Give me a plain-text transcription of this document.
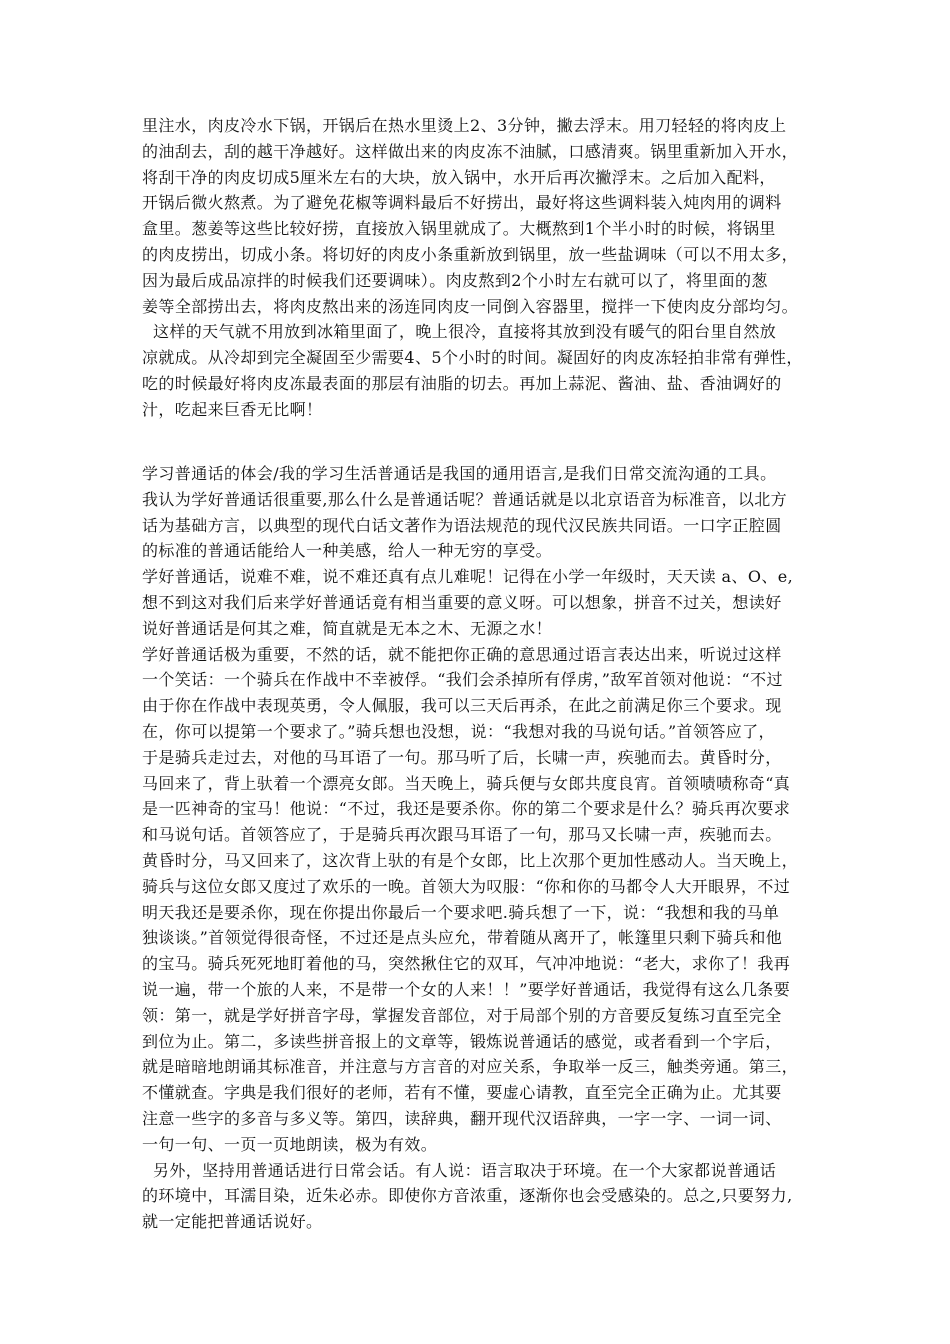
里注水，肉皮冷水下锅，开锅后在热水里烫上2、3分钟，撇去浮末。用刀轻轻的将肉皮上

的油刮去，刮的越干净越好。这样做出来的肉皮冻不油腻，口感清爽。锅里重新加入开水，

将刮干净的肉皮切成5厘米左右的大块，放入锅中，水开后再次撇浮末。之后加入配料，

开锅后微火熬煮。为了避免花椒等调料最后不好捞出，最好将这些调料装入炖肉用的调料

盒里。葱姜等这些比较好捞，直接放入锅里就成了。大概熬到1个半小时的时候，将锅里

的肉皮捞出，切成小条。将切好的肉皮小条重新放到锅里，放一些盐调味（可以不用太多，

因为最后成品凉拌的时候我们还要调味）。肉皮熬到2个小时左右就可以了，将里面的葱

姜等全部捞出去，将肉皮熬出来的汤连同肉皮一同倒入容器里，搅拌一下使肉皮分部均匀。

这样的天气就不用放到冰箱里面了，晚上很冷，直接将其放到没有暖气的阳台里自然放

凉就成。从冷却到完全凝固至少需要4、5个小时的时间。凝固好的肉皮冻轻拍非常有弹性，

吃的时候最好将肉皮冻最表面的那层有油脂的切去。再加上蒜泥、酱油、盐、香油调好的

汁，吃起来巨香无比啊！

学习普通话的体会/我的学习生活普通话是我国的通用语言,是我们日常交流沟通的工具。

我认为学好普通话很重要,那么什么是普通话呢？普通话就是以北京语音为标准音，以北方

话为基础方言，以典型的现代白话文著作为语法规范的现代汉民族共同语。一口字正腔圆

的标准的普通话能给人一种美感，给人一种无穷的享受。

学好普通话，说难不难，说不难还真有点儿难呢！记得在小学一年级时，天天读 a、O、e,

想不到这对我们后来学好普通话竟有相当重要的意义呀。可以想象，拼音不过关，想读好

说好普通话是何其之难，简直就是无本之木、无源之水！

学好普通话极为重要，不然的话，就不能把你正确的意思通过语言表达出来，听说过这样

一个笑话：一个骑兵在作战中不幸被俘。“我们会杀掉所有俘虏，”敌军首领对他说：“不过

由于你在作战中表现英勇，令人佩服，我可以三天后再杀，在此之前满足你三个要求。现

在，你可以提第一个要求了。”骑兵想也没想，说：“我想对我的马说句话。”首领答应了，

于是骑兵走过去，对他的马耳语了一句。那马听了后，长啸一声，疾驰而去。黄昏时分，

马回来了，背上驮着一个漂亮女郎。当天晚上，骑兵便与女郎共度良宵。首领啧啧称奇“真

是一匹神奇的宝马！他说：“不过，我还是要杀你。你的第二个要求是什么？骑兵再次要求

和马说句话。首领答应了，于是骑兵再次跟马耳语了一句，那马又长啸一声，疾驰而去。

黄昏时分，马又回来了，这次背上驮的有是个女郎，比上次那个更加性感动人。当天晚上，

骑兵与这位女郎又度过了欢乐的一晚。首领大为叹服：“你和你的马都令人大开眼界，不过

明天我还是要杀你，现在你提出你最后一个要求吧.骑兵想了一下，说：“我想和我的马单

独谈谈。”首领觉得很奇怪，不过还是点头应允，带着随从离开了，帐篷里只剩下骑兵和他

的宝马。骑兵死死地盯着他的马，突然揪住它的双耳，气冲冲地说：“老大，求你了！我再

说一遍，带一个旅的人来，不是带一个女的人来！！”要学好普通话，我觉得有这么几条要

领：第一，就是学好拼音字母，掌握发音部位，对于局部个别的方音要反复练习直至完全

到位为止。第二，多读些拼音报上的文章等，锻炼说普通话的感觉，或者看到一个字后，

就是暗暗地朗诵其标准音，并注意与方言音的对应关系，争取举一反三，触类旁通。第三，

不懂就查。字典是我们很好的老师，若有不懂，要虚心请教，直至完全正确为止。尤其要

注意一些字的多音与多义等。第四，读辞典，翻开现代汉语辞典，一字一字、一词一词、

一句一句、一页一页地朗读，极为有效。

另外，坚持用普通话进行日常会话。有人说：语言取决于环境。在一个大家都说普通话

的环境中，耳濡目染，近朱必赤。即使你方音浓重，逐渐你也会受感染的。总之,只要努力,

就一定能把普通话说好。
